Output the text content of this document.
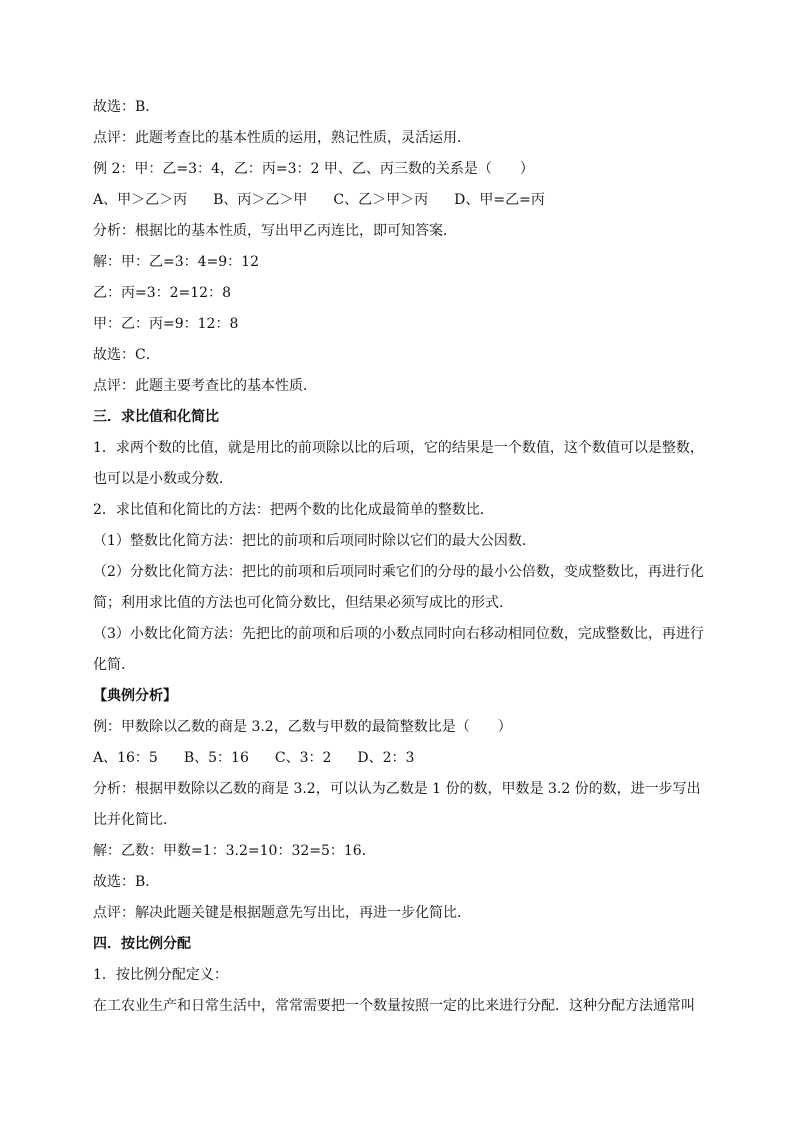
故选：B．
点评：此题考查比的基本性质的运用，熟记性质，灵活运用．
例 2：甲：乙=3：4，乙：丙=3：2 甲、乙、丙三数的关系是（　　）
A、甲＞乙＞丙 B、丙＞乙＞甲 C、乙＞甲＞丙 D、甲=乙=丙
分析：根据比的基本性质，写出甲乙丙连比，即可知答案．
解：甲：乙=3：4=9：12
乙：丙=3：2=12：8
甲：乙：丙=9：12：8
故选：C．
点评：此题主要考查比的基本性质．
三．求比值和化简比
1．求两个数的比值，就是用比的前项除以比的后项，它的结果是一个数值，这个数值可以是整数，也可以是小数或分数．
2．求比值和化简比的方法：把两个数的比化成最简单的整数比．
（1）整数比化简方法：把比的前项和后项同时除以它们的最大公因数．
（2）分数比化简方法：把比的前项和后项同时乘它们的分母的最小公倍数，变成整数比，再进行化简；利用求比值的方法也可化简分数比，但结果必须写成比的形式．
（3）小数比化简方法：先把比的前项和后项的小数点同时向右移动相同位数，完成整数比，再进行化简．
【典例分析】
例：甲数除以乙数的商是 3.2，乙数与甲数的最简整数比是（　　）
A、16：5 B、5：16 C、3：2 D、2：3
分析：根据甲数除以乙数的商是 3.2，可以认为乙数是 1 份的数，甲数是 3.2 份的数，进一步写出比并化简比．
解：乙数：甲数=1：3.2=10：32=5：16．
故选：B．
点评：解决此题关键是根据题意先写出比，再进一步化简比．
四．按比例分配
1．按比例分配定义：
在工农业生产和日常生活中，常常需要把一个数量按照一定的比来进行分配．这种分配方法通常叫
